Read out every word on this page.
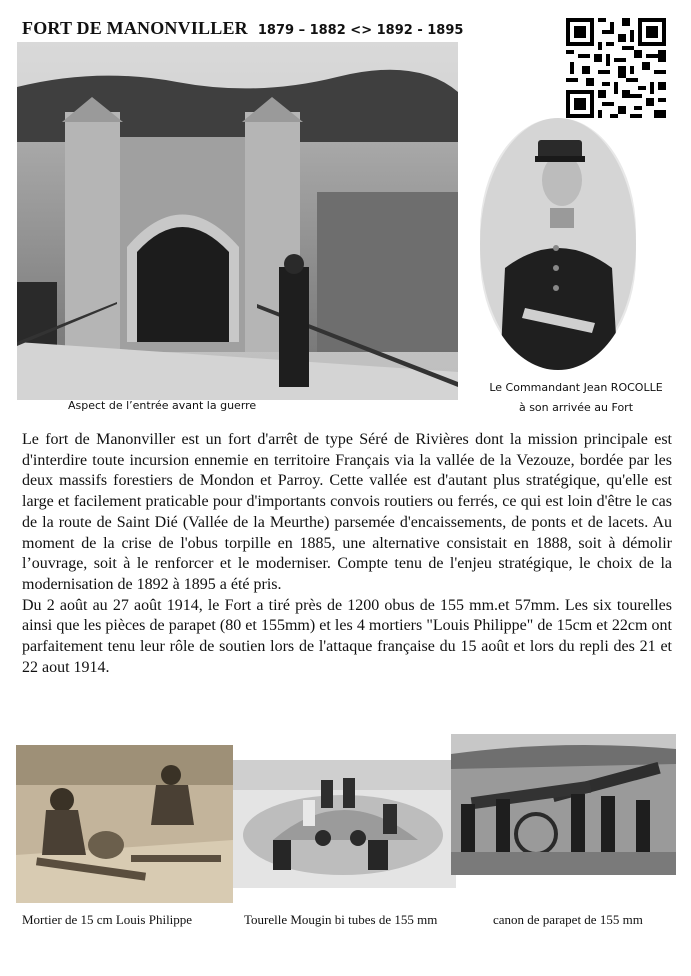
FORT DE MANONVILLER 1879 – 1882 <> 1892 - 1895
Aspect de l’entrée avant la guerre
Le Commandant Jean ROCOLLE
à son arrivée au Fort

Le fort de Manonviller est un fort d'arrêt de type Séré de Rivières dont la mission principale est d'interdire toute incursion ennemie en territoire Français via la vallée de la Vezouze, bordée par les deux massifs forestiers de Mondon et Parroy. Cette vallée est d'autant plus stratégique, qu'elle est large et facilement praticable pour d'importants convois routiers ou ferrés, ce qui est loin d'être le cas de la route de Saint Dié (Vallée de la Meurthe) parsemée d'encaissements, de ponts et de lacets. Au moment de la crise de l'obus torpille en 1885, une alternative consistait en 1888, soit à démolir l’ouvrage, soit à le renforcer et le moderniser. Compte tenu de l'enjeu stratégique, le choix de la modernisation de 1892 à 1895 a été pris.

Du 2 août au 27 août 1914, le Fort a tiré près de 1200 obus de 155 mm.et 57mm. Les six tourelles ainsi que les pièces de parapet (80 et 155mm) et les 4 mortiers "Louis Philippe" de 15cm et 22cm ont parfaitement tenu leur rôle de soutien lors de l'attaque française du 15 août et lors du repli des 21 et 22 aout 1914.

Mortier de 15 cm Louis Philippe	Tourelle Mougin bi tubes de 155 mm	canon de parapet de 155 mm
